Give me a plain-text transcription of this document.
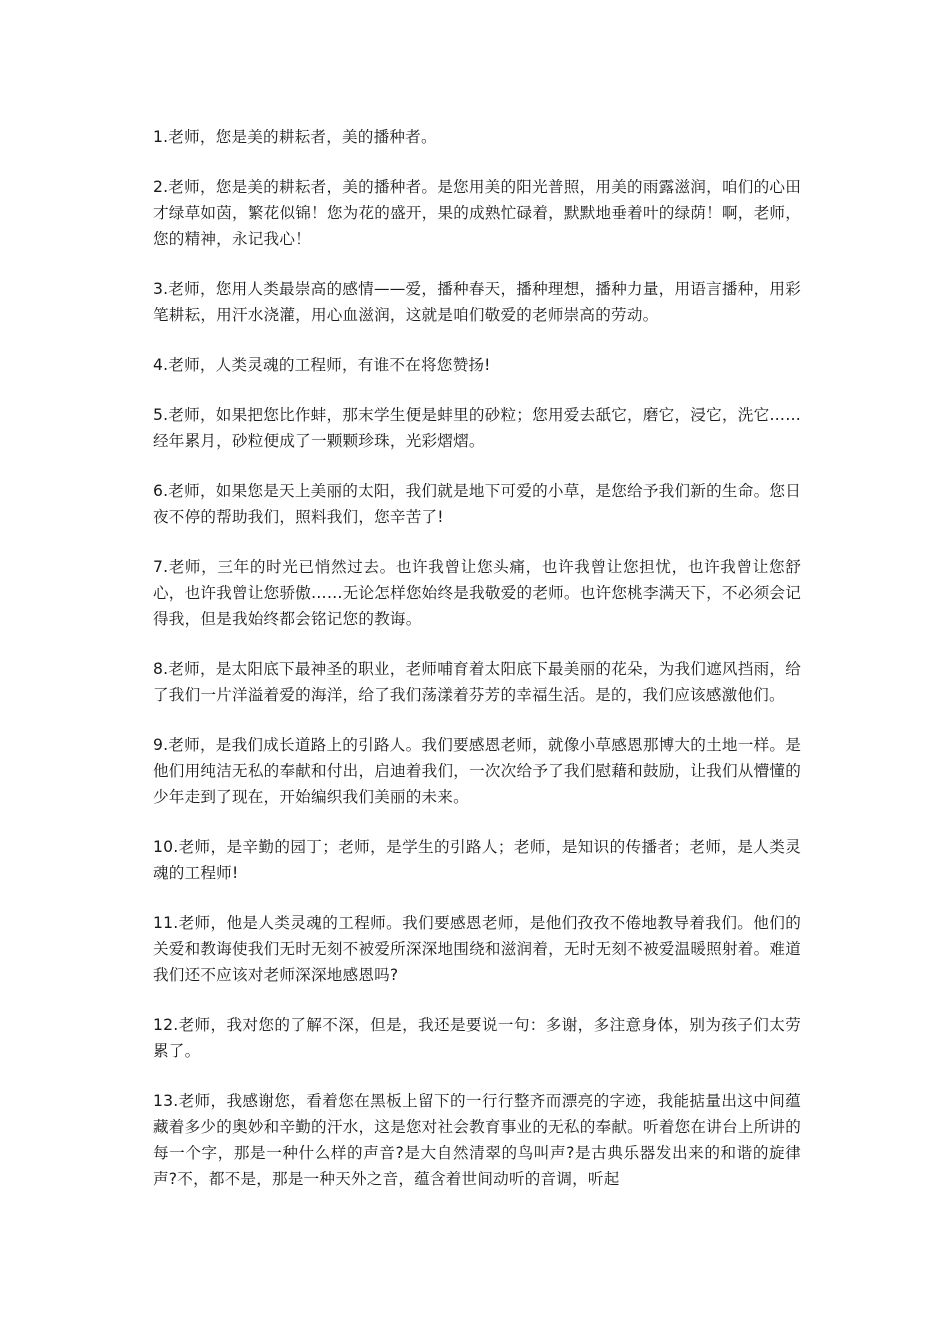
1.老师，您是美的耕耘者，美的播种者。

2.老师，您是美的耕耘者，美的播种者。是您用美的阳光普照，用美的雨露滋润，咱们的心田才绿草如茵，繁花似锦！您为花的盛开，果的成熟忙碌着，默默地垂着叶的绿荫！啊，老师，您的精神，永记我心！

3.老师，您用人类最崇高的感情——爱，播种春天，播种理想，播种力量，用语言播种，用彩笔耕耘，用汗水浇灌，用心血滋润，这就是咱们敬爱的老师崇高的劳动。

4.老师，人类灵魂的工程师，有谁不在将您赞扬!

5.老师，如果把您比作蚌，那末学生便是蚌里的砂粒；您用爱去舐它，磨它，浸它，洗它……经年累月，砂粒便成了一颗颗珍珠，光彩熠熠。

6.老师，如果您是天上美丽的太阳，我们就是地下可爱的小草，是您给予我们新的生命。您日夜不停的帮助我们，照料我们，您辛苦了!

7.老师，三年的时光已悄然过去。也许我曾让您头痛，也许我曾让您担忧，也许我曾让您舒心，也许我曾让您骄傲……无论怎样您始终是我敬爱的老师。也许您桃李满天下，不必须会记得我，但是我始终都会铭记您的教诲。

8.老师，是太阳底下最神圣的职业，老师哺育着太阳底下最美丽的花朵，为我们遮风挡雨，给了我们一片洋溢着爱的海洋，给了我们荡漾着芬芳的幸福生活。是的，我们应该感激他们。

9.老师，是我们成长道路上的引路人。我们要感恩老师，就像小草感恩那博大的土地一样。是他们用纯洁无私的奉献和付出，启迪着我们，一次次给予了我们慰藉和鼓励，让我们从懵懂的少年走到了现在，开始编织我们美丽的未来。

10.老师，是辛勤的园丁；老师，是学生的引路人；老师，是知识的传播者；老师，是人类灵魂的工程师!

11.老师，他是人类灵魂的工程师。我们要感恩老师，是他们孜孜不倦地教导着我们。他们的关爱和教诲使我们无时无刻不被爱所深深地围绕和滋润着，无时无刻不被爱温暖照射着。难道我们还不应该对老师深深地感恩吗?

12.老师，我对您的了解不深，但是，我还是要说一句：多谢，多注意身体，别为孩子们太劳累了。

13.老师，我感谢您，看着您在黑板上留下的一行行整齐而漂亮的字迹，我能掂量出这中间蕴藏着多少的奥妙和辛勤的汗水，这是您对社会教育事业的无私的奉献。听着您在讲台上所讲的每一个字，那是一种什么样的声音?是大自然清翠的鸟叫声?是古典乐器发出来的和谐的旋律声?不，都不是，那是一种天外之音，蕴含着世间动听的音调，听起
